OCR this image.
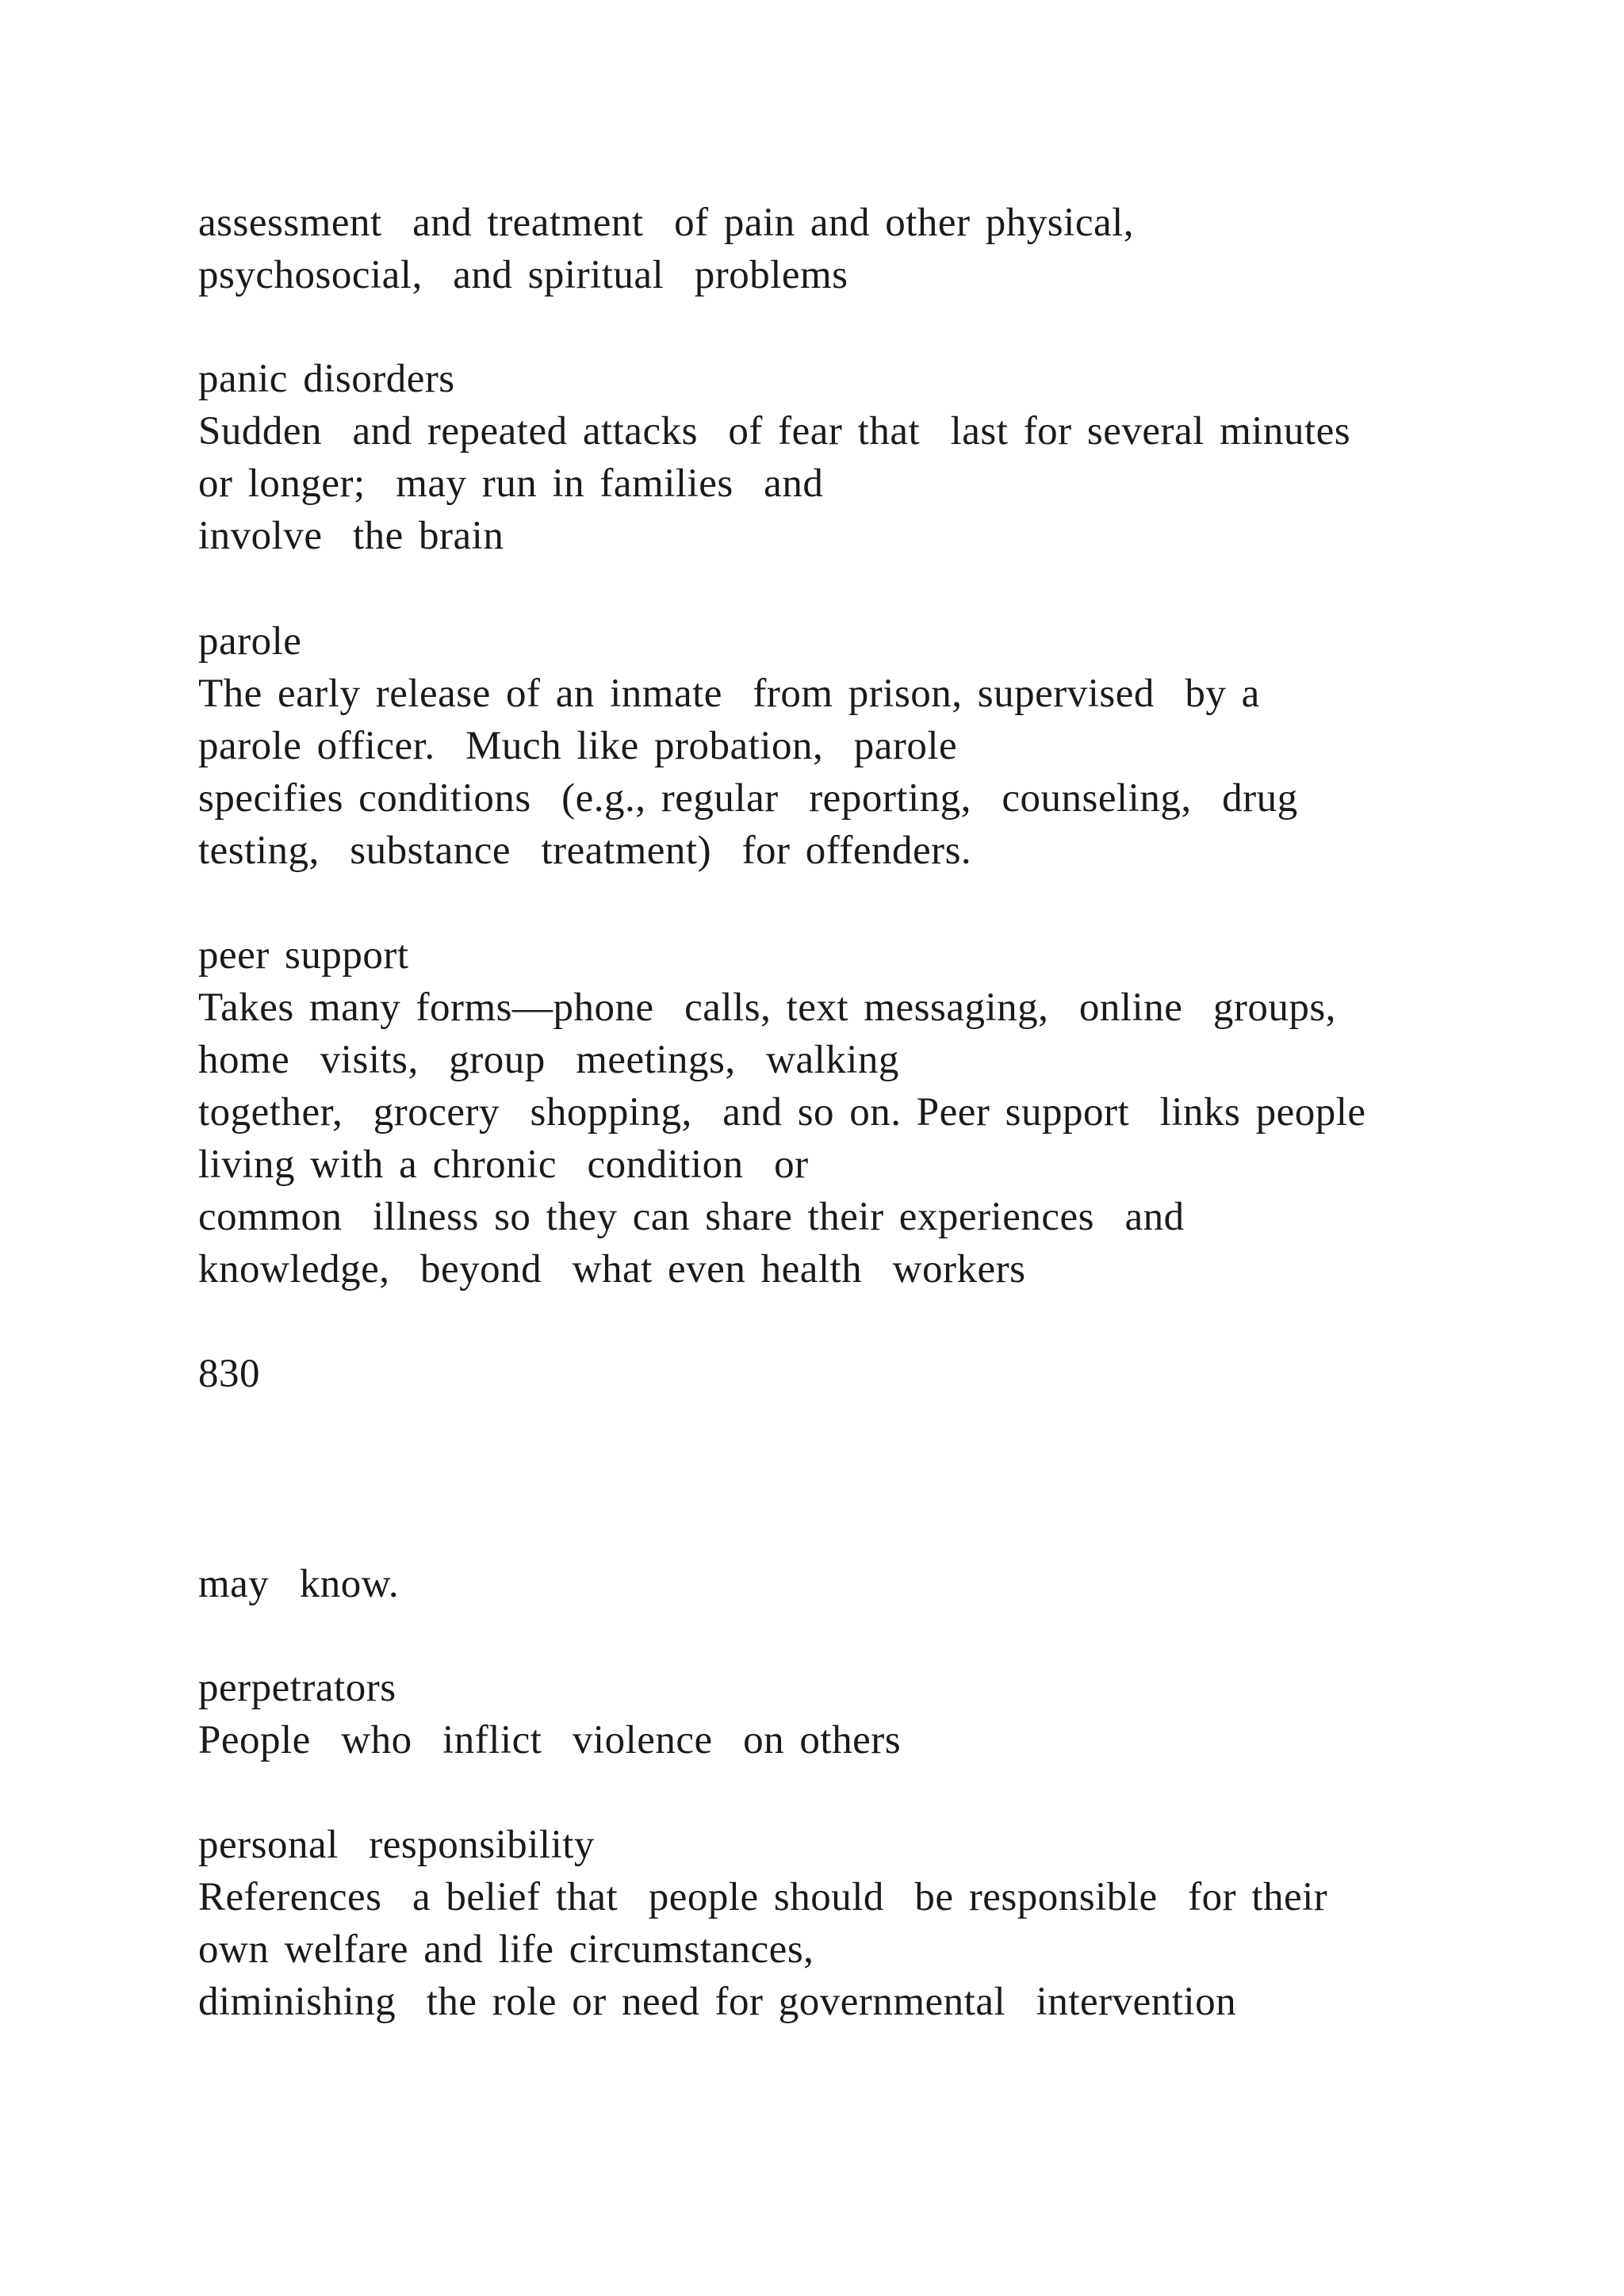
assessment  and treatment  of pain and other physical,
psychosocial,  and spiritual  problems
panic disorders
Sudden  and repeated attacks  of fear that  last for several minutes
or longer;  may run in families  and
involve  the brain
parole
The early release of an inmate  from prison, supervised  by a
parole officer.  Much like probation,  parole
specifies conditions  (e.g., regular  reporting,  counseling,  drug
testing,  substance  treatment)  for offenders.
peer support
Takes many forms—phone  calls, text messaging,  online  groups,
home  visits,  group  meetings,  walking
together,  grocery  shopping,  and so on. Peer support  links people
living with a chronic  condition  or
common  illness so they can share their experiences  and
knowledge,  beyond  what even health  workers
830
may  know.
perpetrators
People  who  inflict  violence  on others
personal  responsibility
References  a belief that  people should  be responsible  for their
own welfare and life circumstances,
diminishing  the role or need for governmental  intervention
